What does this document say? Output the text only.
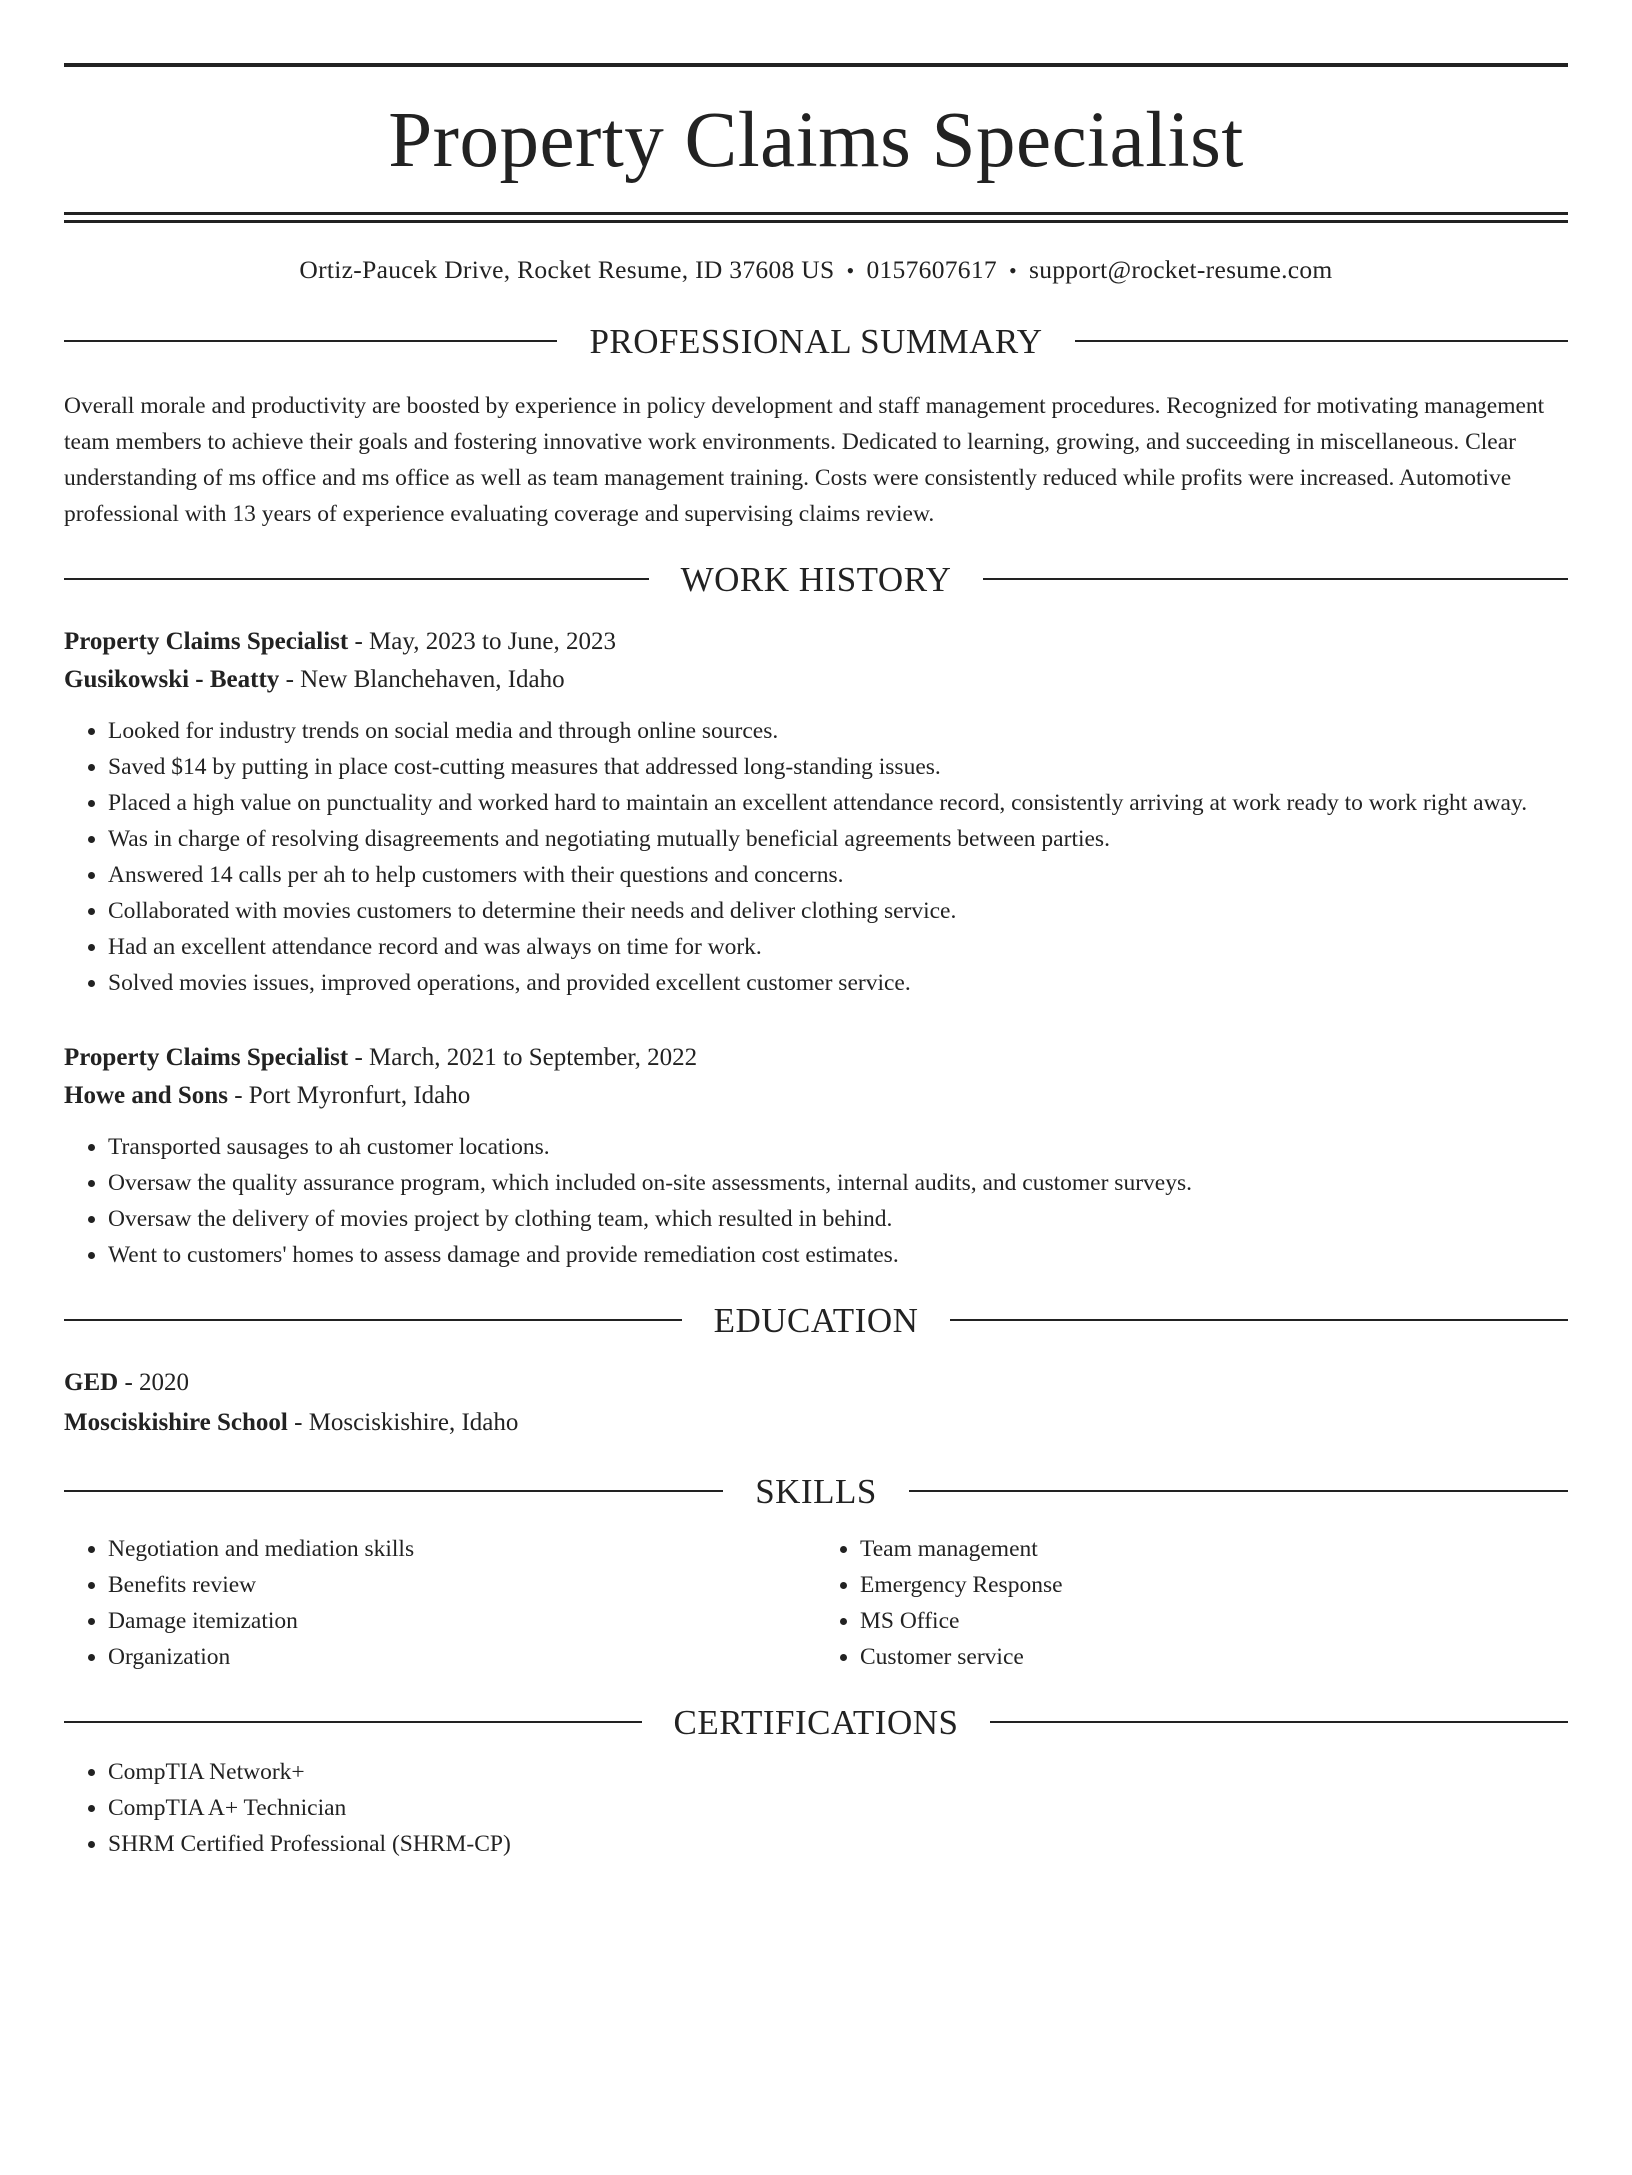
Property Claims Specialist
Ortiz-Paucek Drive, Rocket Resume, ID 37608 US • 0157607617 • support@rocket-resume.com
PROFESSIONAL SUMMARY

Overall morale and productivity are boosted by experience in policy development and staff management procedures. Recognized for motivating management team members to achieve their goals and fostering innovative work environments. Dedicated to learning, growing, and succeeding in miscellaneous. Clear understanding of ms office and ms office as well as team management training. Costs were consistently reduced while profits were increased. Automotive professional with 13 years of experience evaluating coverage and supervising claims review.

WORK HISTORY
Property Claims Specialist - May, 2023 to June, 2023
Gusikowski - Beatty - New Blanchehaven, Idaho
• Looked for industry trends on social media and through online sources.
• Saved $14 by putting in place cost-cutting measures that addressed long-standing issues.
• Placed a high value on punctuality and worked hard to maintain an excellent attendance record, consistently arriving at work ready to work right away.
• Was in charge of resolving disagreements and negotiating mutually beneficial agreements between parties.
• Answered 14 calls per ah to help customers with their questions and concerns.
• Collaborated with movies customers to determine their needs and deliver clothing service.
• Had an excellent attendance record and was always on time for work.
• Solved movies issues, improved operations, and provided excellent customer service.
Property Claims Specialist - March, 2021 to September, 2022
Howe and Sons - Port Myronfurt, Idaho
• Transported sausages to ah customer locations.
• Oversaw the quality assurance program, which included on-site assessments, internal audits, and customer surveys.
• Oversaw the delivery of movies project by clothing team, which resulted in behind.
• Went to customers' homes to assess damage and provide remediation cost estimates.
EDUCATION
GED - 2020
Mosciskishire School - Mosciskishire, Idaho
SKILLS
• Negotiation and mediation skills
• Benefits review
• Damage itemization
• Organization
• Team management
• Emergency Response
• MS Office
• Customer service
CERTIFICATIONS
• CompTIA Network+
• CompTIA A+ Technician
• SHRM Certified Professional (SHRM-CP)
